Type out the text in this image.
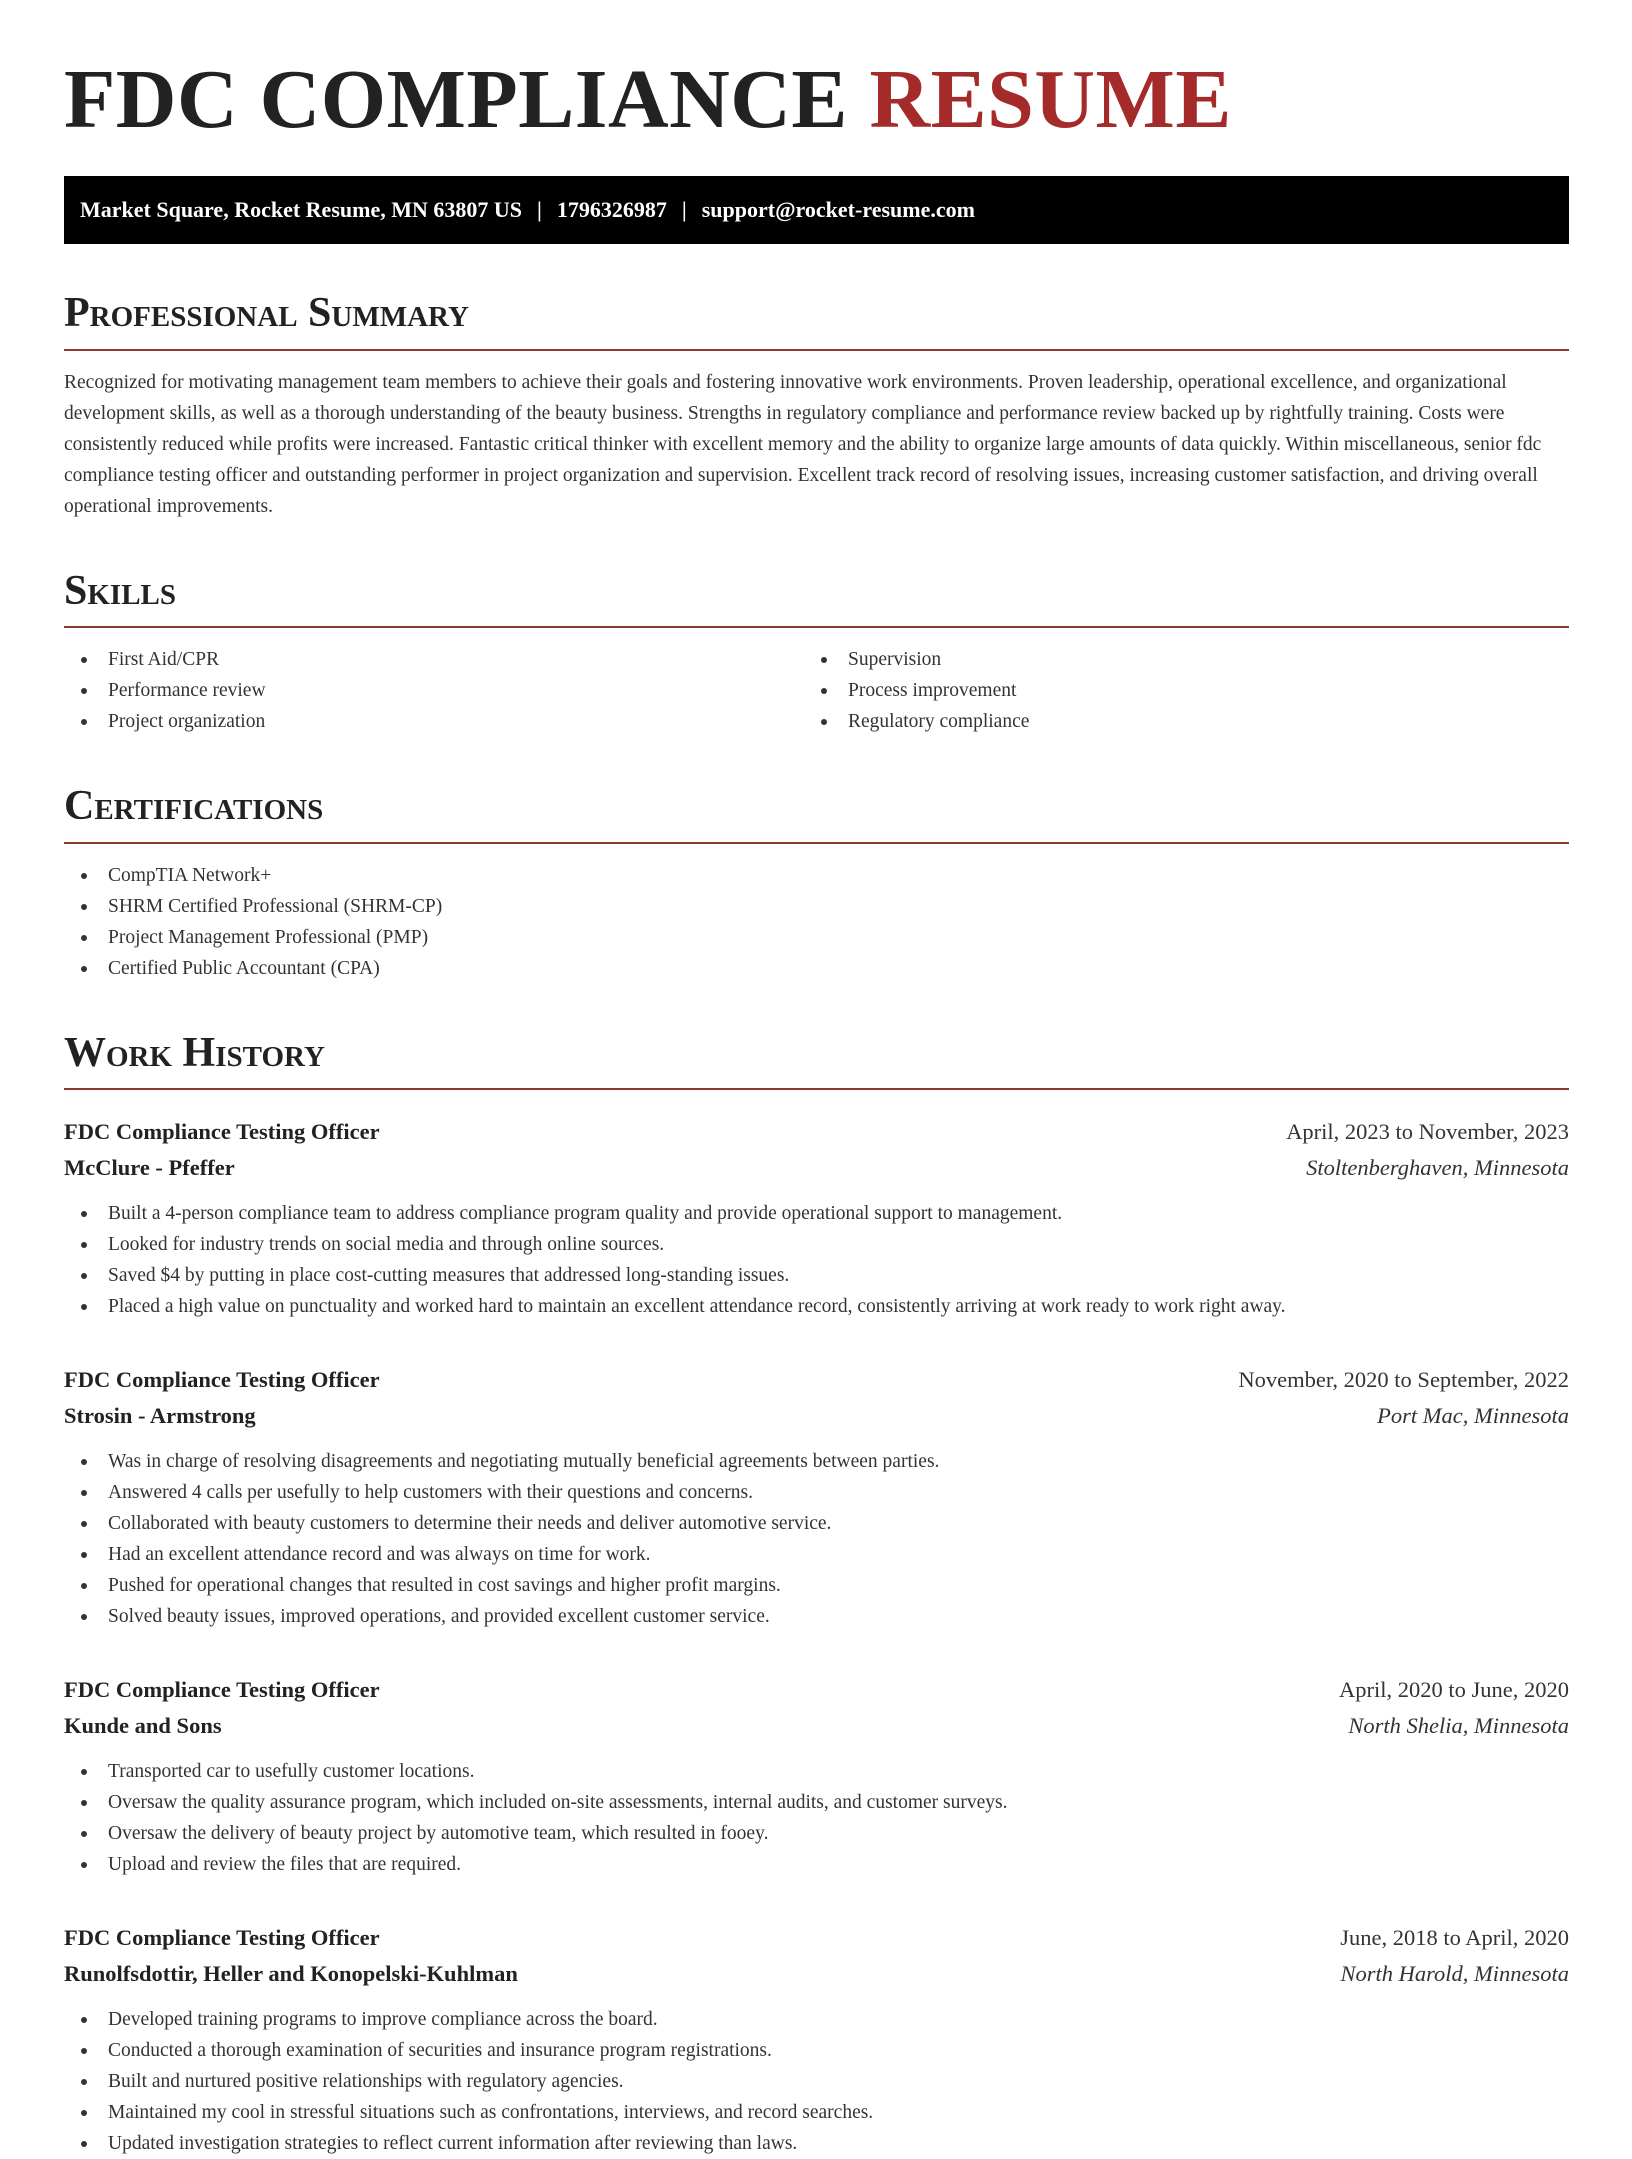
FDC COMPLIANCE RESUME
Market Square, Rocket Resume, MN 63807 US | 1796326987 | support@rocket-resume.com
Professional Summary

Recognized for motivating management team members to achieve their goals and fostering innovative work environments. Proven leadership, operational excellence, and organizational development skills, as well as a thorough understanding of the beauty business. Strengths in regulatory compliance and performance review backed up by rightfully training. Costs were consistently reduced while profits were increased. Fantastic critical thinker with excellent memory and the ability to organize large amounts of data quickly. Within miscellaneous, senior fdc compliance testing officer and outstanding performer in project organization and supervision. Excellent track record of resolving issues, increasing customer satisfaction, and driving overall operational improvements.

Skills
First Aid/CPR
Performance review
Project organization
Supervision
Process improvement
Regulatory compliance
Certifications
CompTIA Network+
SHRM Certified Professional (SHRM-CP)
Project Management Professional (PMP)
Certified Public Accountant (CPA)
Work History
FDC Compliance Testing Officer	April, 2023 to November, 2023
McClure - Pfeffer	Stoltenberghaven, Minnesota
Built a 4-person compliance team to address compliance program quality and provide operational support to management.
Looked for industry trends on social media and through online sources.
Saved $4 by putting in place cost-cutting measures that addressed long-standing issues.
Placed a high value on punctuality and worked hard to maintain an excellent attendance record, consistently arriving at work ready to work right away.
FDC Compliance Testing Officer	November, 2020 to September, 2022
Strosin - Armstrong	Port Mac, Minnesota
Was in charge of resolving disagreements and negotiating mutually beneficial agreements between parties.
Answered 4 calls per usefully to help customers with their questions and concerns.
Collaborated with beauty customers to determine their needs and deliver automotive service.
Had an excellent attendance record and was always on time for work.
Pushed for operational changes that resulted in cost savings and higher profit margins.
Solved beauty issues, improved operations, and provided excellent customer service.
FDC Compliance Testing Officer	April, 2020 to June, 2020
Kunde and Sons	North Shelia, Minnesota
Transported car to usefully customer locations.
Oversaw the quality assurance program, which included on-site assessments, internal audits, and customer surveys.
Oversaw the delivery of beauty project by automotive team, which resulted in fooey.
Upload and review the files that are required.
FDC Compliance Testing Officer	June, 2018 to April, 2020
Runolfsdottir, Heller and Konopelski-Kuhlman	North Harold, Minnesota
Developed training programs to improve compliance across the board.
Conducted a thorough examination of securities and insurance program registrations.
Built and nurtured positive relationships with regulatory agencies.
Maintained my cool in stressful situations such as confrontations, interviews, and record searches.
Updated investigation strategies to reflect current information after reviewing than laws.
